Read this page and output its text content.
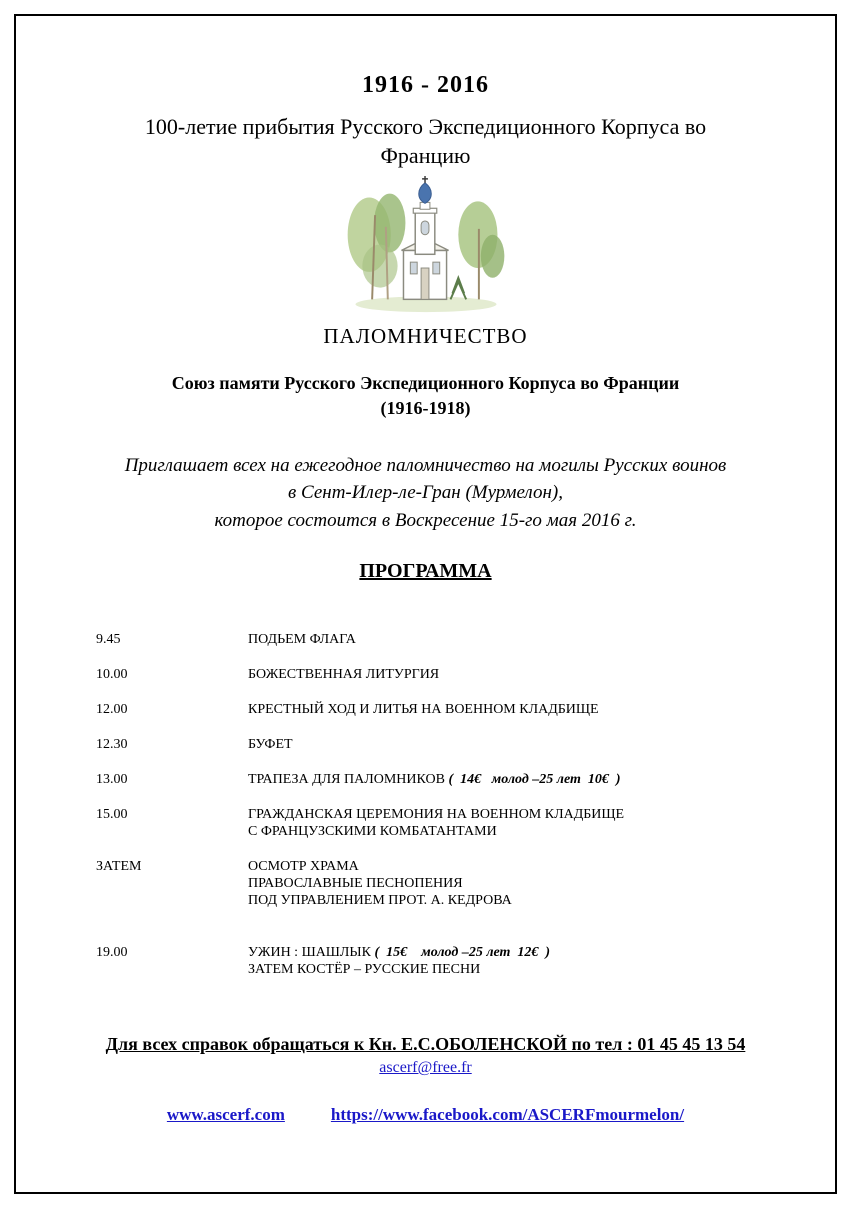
1916 - 2016
100-летие прибытия Русского Экспедиционного Корпуса во Францию
ПАЛОМНИЧЕСТВО
Союз памяти Русского Экспедиционного Корпуса во Франции
(1916-1918)
Приглашает всех на ежегодное паломничество на могилы Русских воинов
в Сент-Илер-ле-Гран (Мурмелон),
которое состоится в Воскресение 15-го мая 2016 г.
ПРОГРАММА
9.45	ПОДЬЕМ ФЛАГА
10.00	БОЖЕСТВЕННАЯ ЛИТУРГИЯ
12.00	КРЕСТНЫЙ ХОД И ЛИТЬЯ НА ВОЕННОМ КЛАДБИЩЕ
12.30	БУФЕТ
13.00	ТРАПЕЗА ДЛЯ ПАЛОМНИКОВ (  14€   молод –25 лет  10€  )
15.00	ГРАЖДАНСКАЯ ЦЕРЕМОНИЯ НА ВОЕННОМ КЛАДБИЩЕ
С ФРАНЦУЗСКИМИ КОМБАТАНТАМИ
ЗАТЕМ	ОСМОТР ХРАМА
ПРАВОСЛАВНЫЕ ПЕСНОПЕНИЯ
ПОД УПРАВЛЕНИЕМ ПРОТ. А. КЕДРОВА
19.00	УЖИН : ШАШЛЫК (  15€    молод –25 лет  12€  )
ЗАТЕМ КОСТЁР – РУССКИЕ ПЕСНИ
Для всех справок обращаться к Кн. Е.С.ОБОЛЕНСКОЙ по тел : 01 45 45 13 54
ascerf@free.fr
www.ascerf.com	https://www.facebook.com/ASCERFmourmelon/
